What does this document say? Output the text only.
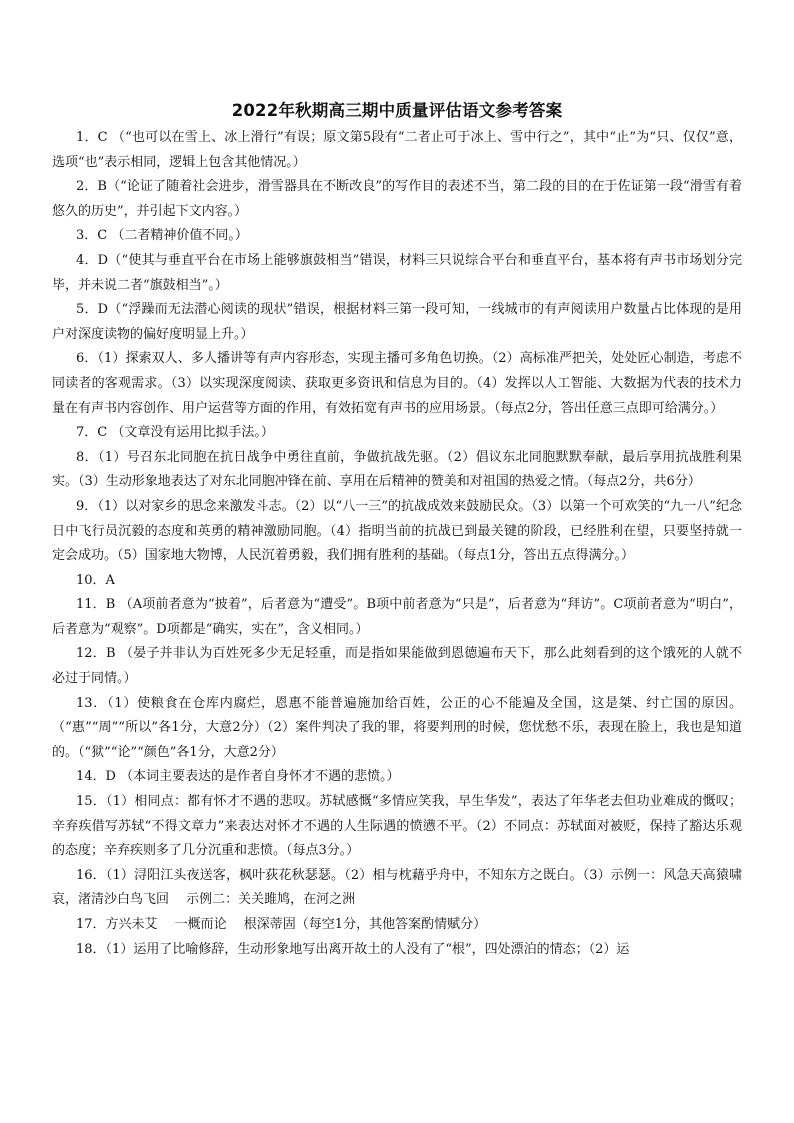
2022年秋期高三期中质量评估语文参考答案

1．C （“也可以在雪上、冰上滑行”有误；原文第5段有“二者止可于冰上、雪中行之”，其中“止”为“只、仅仅”意，选项“也”表示相同，逻辑上包含其他情况。）

2．B（“论证了随着社会进步，滑雪器具在不断改良”的写作目的表述不当，第二段的目的在于佐证第一段“滑雪有着悠久的历史”，并引起下文内容。）

3．C （二者精神价值不同。）

4．D（“使其与垂直平台在市场上能够旗鼓相当”错误，材料三只说综合平台和垂直平台，基本将有声书市场划分完毕，并未说二者“旗鼓相当”。）

5．D（“浮躁而无法潜心阅读的现状”错误，根据材料三第一段可知，一线城市的有声阅读用户数量占比体现的是用户对深度读物的偏好度明显上升。）

6．（1）探索双人、多人播讲等有声内容形态，实现主播可多角色切换。（2）高标准严把关，处处匠心制造，考虑不同读者的客观需求。（3）以实现深度阅读、获取更多资讯和信息为目的。（4）发挥以人工智能、大数据为代表的技术力量在有声书内容创作、用户运营等方面的作用，有效拓宽有声书的应用场景。（每点2分，答出任意三点即可给满分。）

7．C （文章没有运用比拟手法。）

8．（1）号召东北同胞在抗日战争中勇往直前，争做抗战先驱。（2）倡议东北同胞默默奉献，最后享用抗战胜利果实。（3）生动形象地表达了对东北同胞冲锋在前、享用在后精神的赞美和对祖国的热爱之情。（每点2分，共6分）

9．（1）以对家乡的思念来激发斗志。（2）以“八一三”的抗战成效来鼓励民众。（3）以第一个可欢笑的“九一八”纪念日中飞行员沉毅的态度和英勇的精神激励同胞。（4）指明当前的抗战已到最关键的阶段，已经胜利在望，只要坚持就一定会成功。（5）国家地大物博，人民沉着勇毅，我们拥有胜利的基础。（每点1分，答出五点得满分。）

10．A

11．B （A项前者意为“披着”，后者意为“遭受”。B项中前者意为“只是”，后者意为“拜访”。C项前者意为“明白”，后者意为“观察”。D项都是“确实，实在”，含义相同。）

12．B （晏子并非认为百姓死多少无足轻重，而是指如果能做到恩德遍布天下，那么此刻看到的这个饿死的人就不必过于同情。）

13．（1）使粮食在仓库内腐烂，恩惠不能普遍施加给百姓，公正的心不能遍及全国，这是桀、纣亡国的原因。（“惠”“周”“所以”各1分，大意2分）（2）案件判决了我的罪，将要判刑的时候，您忧愁不乐，表现在脸上，我也是知道的。（“狱”“论”“颜色”各1分，大意2分）

14．D （本词主要表达的是作者自身怀才不遇的悲愤。）

15．（1）相同点：都有怀才不遇的悲叹。苏轼感慨“多情应笑我，早生华发”，表达了年华老去但功业难成的慨叹；辛弃疾借写苏轼“不得文章力”来表达对怀才不遇的人生际遇的愤懑不平。（2）不同点：苏轼面对被贬，保持了豁达乐观的态度；辛弃疾则多了几分沉重和悲愤。（每点3分。）

16．（1）浔阳江头夜送客，枫叶荻花秋瑟瑟。（2）相与枕藉乎舟中，不知东方之既白。（3）示例一：风急天高猿啸哀，渚清沙白鸟飞回 　示例二：关关雎鸠，在河之洲

17．方兴未艾　 一概而论　 根深蒂固（每空1分，其他答案酌情赋分）

18．（1）运用了比喻修辞，生动形象地写出离开故土的人没有了“根”，四处漂泊的情态；（2）运
